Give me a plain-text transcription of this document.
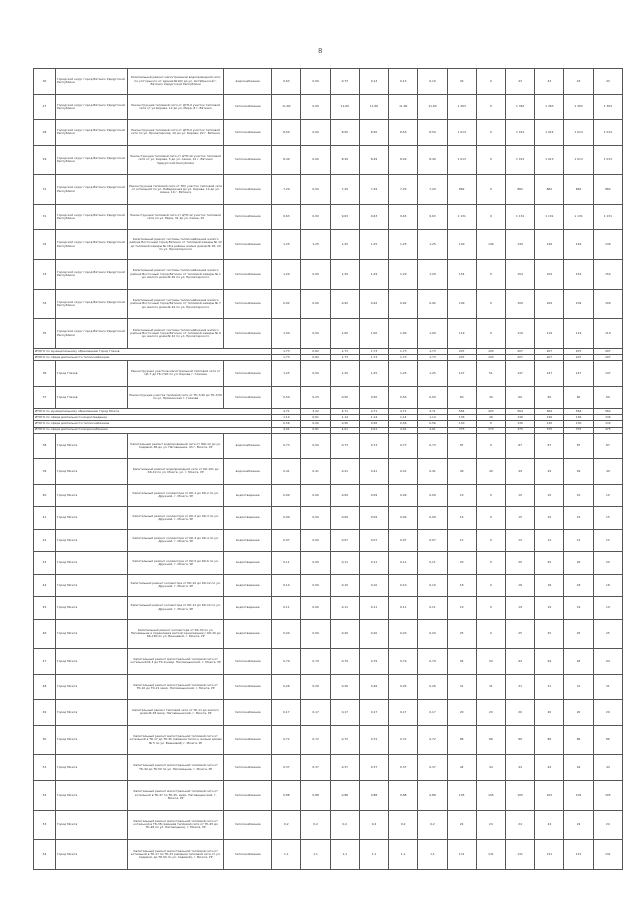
8
30	Городской округ город Вятинск Удмуртской Республики	Капитальный ремонт магистральной водопроводной сети по ул.Горького от здания №102 до ул. Октябрьской г. Вятинск Удмуртской Республики	водоснабжение	0,63	0,00	0,73	0,13	0,13	0,10	43	0	43	43	43	43
27	Городской округ город Вятинск Удмуртской Республики	Реконструкция тепловой сети от ЦТП-9 участок тепловой сети от ул.Кирова, 12 до ул. Мира, 8 г. Вятинск	теплоснабжение	11,60	0,00	11,60	11,60	11,60	11,60	1 363	0	1 363	1 363	1 363	1 363
28	Городской округ город Вятинск Удмуртской Республики	Реконструкция тепловой сети от ЦТП-9 участок тепловой сети по ул. Пролетарская, 10 до ул. Кирова, 20 г. Вятинск	теплоснабжение	8,50	0,00	8,50	8,50	8,50	8,50	1 014	0	1 014	1 014	1 014	1 014
29	Городской округ город Вятинск Удмуртской Республики	Реконструкция тепловой сети от ЦТП-10 участок тепловой сети от ул. Кирова, 5 до ул. Азина, 12 г. Вятинск Удмуртской Республики	теплоснабжение	8,49	0,00	8,49	8,49	8,49	8,49	1 013	0	1 013	1 013	1 013	1 013
31	Городской округ город Вятинск Удмуртской Республики	Реконструкция тепловой сети от ТРС участок тепловой сети от котельной по ул. Набережная до ул. Кирова, 14 до ул. Азина, 19 г. Вятинск	теплоснабжение	7,29	0,00	7,29	7,29	7,29	7,29	882	0	882	882	882	882
31	Городской округ город Вятинск Удмуртской Республики	Реконструкция тепловой сети от ЦТП-12 участок тепловой сети по ул. Мира, 32 до ул. Азина, 10	теплоснабжение	9,63	0,00	9,63	9,63	9,63	9,63	1 131	0	1 131	1 131	1 131	1 131
32	Городской округ город Вятинск Удмуртской Республики	Капитальный ремонт системы теплоснабжения жилого района Восточный город Вятинск от тепловой камеры № 12 до тепловой камеры № 18 в районе жилых домов № 18, 20 по ул. Пролетарского	теплоснабжение	1,25	1,25	1,25	1,25	1,25	1,25	149	149	149	149	149	149
33	Городской округ город Вятинск Удмуртской Республики	Капитальный ремонт системы теплоснабжения жилого района Восточный город Вятинск от тепловой камеры № 1 до жилого дома № 20 по ул. Пролетарского	теплоснабжение	1,29	0,00	1,29	1,29	1,29	1,29	154	0	154	154	154	154
34	Городской округ город Вятинск Удмуртской Республики	Капитальный ремонт системы теплоснабжения жилого района Восточный город Вятинск от тепловой камеры № 7 до жилого дома № 44 по ул. Пролетарского	теплоснабжение	0,92	0,00	0,92	0,92	0,92	0,92	109	0	109	109	109	109
35	Городской округ город Вятинск Удмуртской Республики	Капитальный ремонт системы теплоснабжения жилого района Восточный город Вятинск от тепловой камеры № 6 до жилого дома № 42 по ул. Пролетарского	теплоснабжение	1,00	0,00	1,00	1,00	1,00	1,00	119	0	119	119	119	119
ИТОГО по муниципальному образованию Город Глазов				1,73	0,82	1,73	1,73	1,73	1,73	207	103	207	207	207	207
ИТОГО по сфере деятельности теплоснабжение				1,73	0,82	1,73	1,73	1,73	1,73	207	103	207	207	207	207
36	Город Глазов	Реконструкция участков магистральной тепловой сети от ЦТ-7 до ТК-7/20 по ул. Кирова г. Глазова	теплоснабжение	1,25	0,00	1,25	1,25	1,25	1,25	147	51	147	147	147	147
37	Город Глазов	Реконструкция участка тепловой сети от ТК-7/20 до ТК-7/20 по ул. Пряжинская г. Глазова	теплоснабжение	0,50	0,25	0,50	0,50	0,50	0,50	60	30	60	60	60	60
ИТОГО по муниципальному образованию Город Можга				4,71	3,22	4,71	4,71	4,71	4,71	564	423	564	564	564	564
ИТОГО по сфере деятельности водоотведение				1,14	0,61	1,14	1,14	1,14	1,14	136	49	136	136	136	136
ИТОГО по сфере деятельности теплоснабжение				0,56	0,00	0,56	0,56	0,56	0,56	130	0	130	130	130	130
ИТОГО по сфере деятельности водоснабжения				4,01	0,81	4,01	4,01	4,01	4,01	375	373	375	375	375	375
38	Город Можга	Капитальный ремонт водопроводной сети от ЖК-12 до ул. Садовой, 86 до ул. Наговицына, 43 г. Можга, УР	водоснабжение	0,73	0,00	0,73	0,73	0,73	0,73	87	0	87	87	87	87
39	Город Можга	Капитальный ремонт водопроводной сети от КК-101 до КК-10 по ул. Можга, ул. г. Можга, УР	водоснабжение	0,41	0,41	0,41	0,41	0,41	0,41	49	49	49	49	49	49
40	Город Можга	Капитальный ремонт коллектора от КК-1 до КК-2 по ул. Дружной, г. Можга, УР	водоотведение	0,09	0,00	0,09	0,09	0,09	0,09	10	0	10	10	10	10
41	Город Можга	Капитальный ремонт коллектора от КК-2 до КК-3 по ул. Дружной, г. Можга, УР	водоотведение	0,09	0,00	0,09	0,09	0,09	0,09	15	0	15	15	15	15
42	Город Можга	Капитальный ремонт коллектора от КК-3 до КК-4 по ул. Дружной, г. Можга, УР	водоотведение	0,07	0,00	0,07	0,07	0,07	0,07	12	0	12	12	12	12
43	Город Можга	Капитальный ремонт коллектора от КК-5 до КК-6 по ул. Дружной, г. Можга, УР	водоотведение	0,11	0,00	0,11	0,11	0,11	0,11	20	0	20	20	20	20
44	Город Можга	Капитальный ремонт коллектора от КК-10 до КК-12 по ул. Дружной, г. Можга, УР	водоотведение	0,10	0,00	0,10	0,10	0,10	0,10	18	0	18	18	18	18
45	Город Можга	Капитальный ремонт коллектора от КК-12 до КК-14 по ул. Дружной, г. Можга, УР	водоотведение	0,11	0,00	0,11	0,11	0,11	0,11	19	0	19	19	19	19
46	Город Можга	Капитальный ремонт коллектора от КК-30 по ул. Наговицына и перекладка ветхой канализации с КК-20 до КК-180 по ул. Вишневой, г. Можга, УР	водоотведение	0,20	0,00	0,20	0,20	0,20	0,20	25	0	25	25	25	25
47	Город Можга	Капитальный ремонт магистральной тепловой сети от котельной № 3 до ТК-9 микр. Наговицынский, г. Можга, УР	теплоснабжение	0,79	0,79	0,79	0,79	0,79	0,79	94	94	94	94	94	94
48	Город Можга	Капитальный ремонт магистральной тепловой сети от ТК-10 до ТК-21 микр. Наговицынский, г. Можга, УР	теплоснабжение	0,26	0,26	0,26	0,26	0,26	0,26	31	31	31	31	31	31
49	Город Можга	Капитальный ремонт тепловой сети от ТК-11 до жилого дома № 28 микр. Наговицынский, г. Можга, УР	теплоснабжение	0,17	0,17	0,17	0,17	0,17	0,17	20	20	20	20	20	20
50	Город Можга	Капитальный ремонт магистральной тепловой сети от котельной в ТК-17 до ТК-45 (заменяя тепло к жилым домам № 5 по ул. Вишневой) г. Можга, УР	теплоснабжение	0,72	0,72	0,72	0,72	0,72	0,72	86	86	86	86	86	86
51	Город Можга	Капитальный ремонт магистральной тепловой сети от ТК-40 до ТК-50 по ул. Наговицына, г. Можга, УР	теплоснабжение	0,37	0,37	0,37	0,37	0,37	0,37	44	44	44	44	44	44
52	Город Можга	Капитальный ремонт магистральной тепловой сети от котельной в ТК-47 по ТК-45, микр. Наговицынский, г. Можга, УР	теплоснабжение	0,88	0,88	0,88	0,88	0,88	0,88	105	105	105	105	105	105
53	Город Можга	Капитальный ремонт магистральной тепловой сети от котельной в ТК-38 (заменяя тепловой сети от ТК-45 до ТК-48 по ул. Наговицына), г. Можга, УР	теплоснабжение	0,2	0,2	0,2	0,2	0,2	0,2	24	24	24	24	24	24
54	Город Можга	Капитальный ремонт магистральной тепловой сети от котельной в ТК-17 по ТК-43 (заменяя тепловой сети от ул. Садовой, до ТК-50 по ул. Садовой), г. Можга, УР	теплоснабжение	1,1	1,1	1,1	1,1	1,1	1,1	131	131	131	131	131	131
